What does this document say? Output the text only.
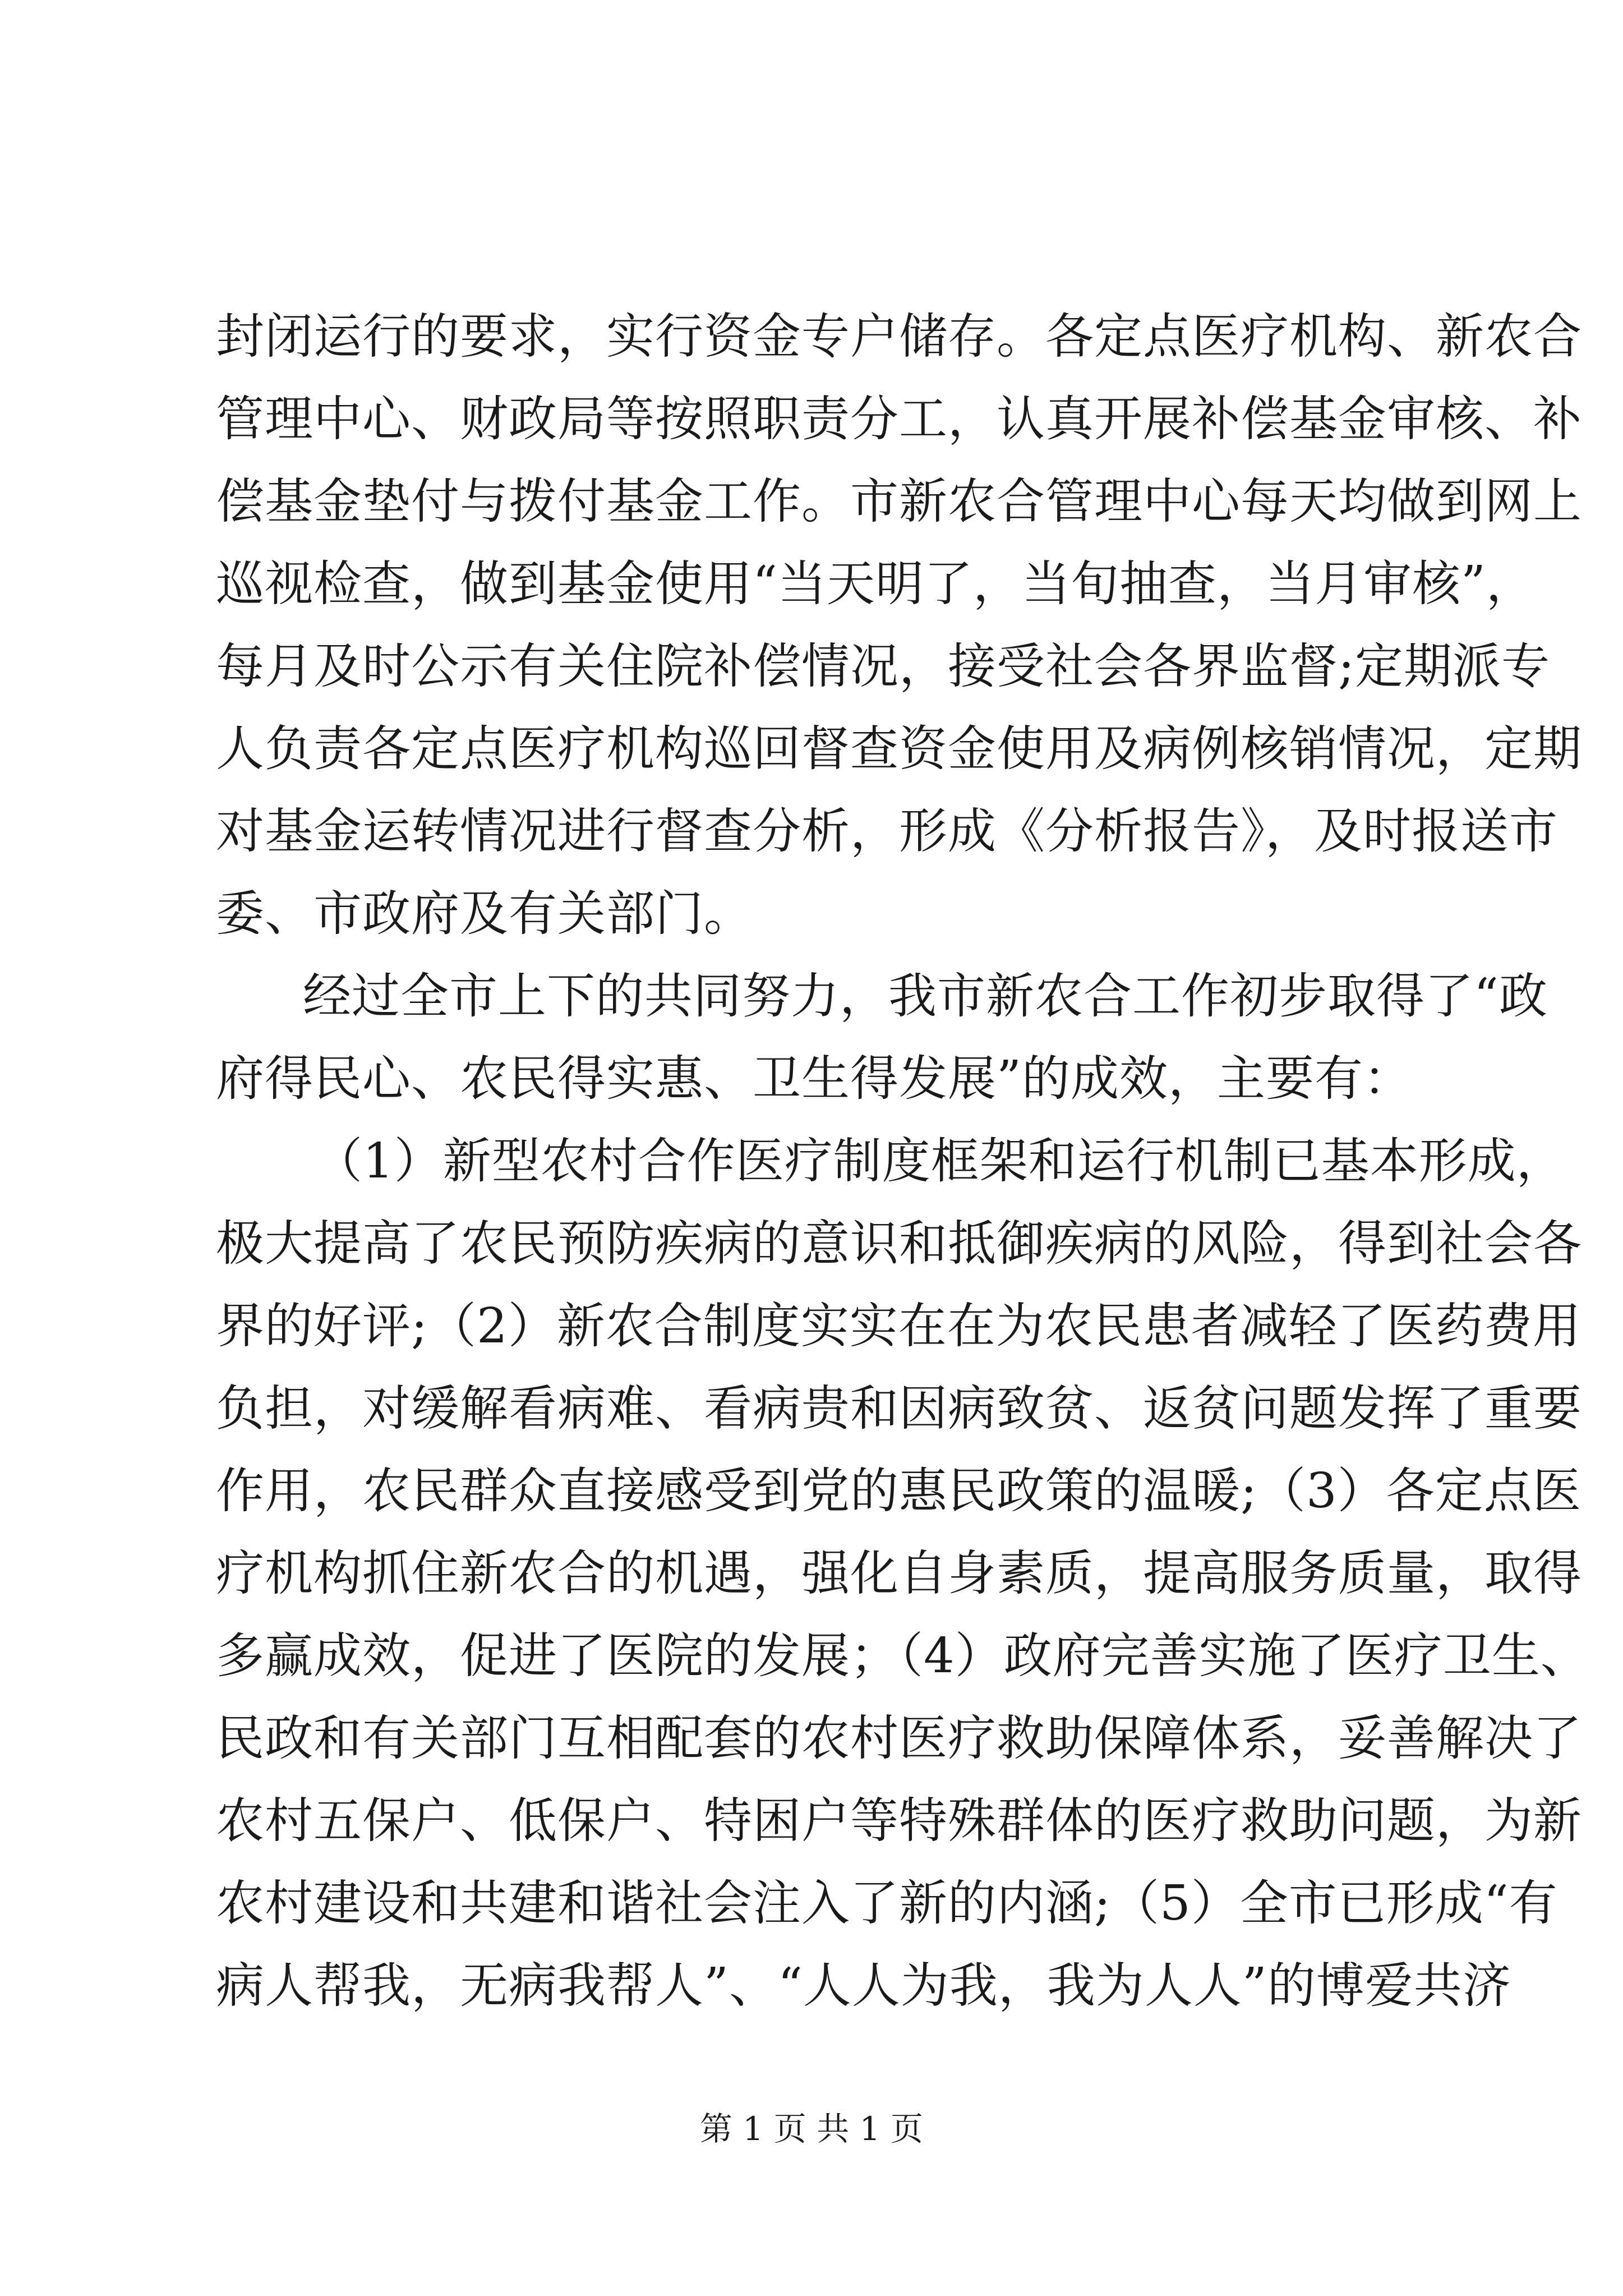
封闭运行的要求，实行资金专户储存。各定点医疗机构、新农合
管理中心、财政局等按照职责分工，认真开展补偿基金审核、补
偿基金垫付与拨付基金工作。市新农合管理中心每天均做到网上
巡视检查，做到基金使用“当天明了，当旬抽查，当月审核”，
每月及时公示有关住院补偿情况，接受社会各界监督;定期派专
人负责各定点医疗机构巡回督查资金使用及病例核销情况，定期
对基金运转情况进行督查分析，形成《分析报告》，及时报送市
委、市政府及有关部门。
经过全市上下的共同努力，我市新农合工作初步取得了“政
府得民心、农民得实惠、卫生得发展”的成效，主要有：
（1）新型农村合作医疗制度框架和运行机制已基本形成，
极大提高了农民预防疾病的意识和抵御疾病的风险，得到社会各
界的好评;（2）新农合制度实实在在为农民患者减轻了医药费用
负担，对缓解看病难、看病贵和因病致贫、返贫问题发挥了重要
作用，农民群众直接感受到党的惠民政策的温暖;（3）各定点医
疗机构抓住新农合的机遇，强化自身素质，提高服务质量，取得
多赢成效，促进了医院的发展；（4）政府完善实施了医疗卫生、
民政和有关部门互相配套的农村医疗救助保障体系，妥善解决了
农村五保户、低保户、特困户等特殊群体的医疗救助问题，为新
农村建设和共建和谐社会注入了新的内涵;（5）全市已形成“有
病人帮我，无病我帮人”、“人人为我，我为人人”的博爱共济
第 1 页 共 1 页
